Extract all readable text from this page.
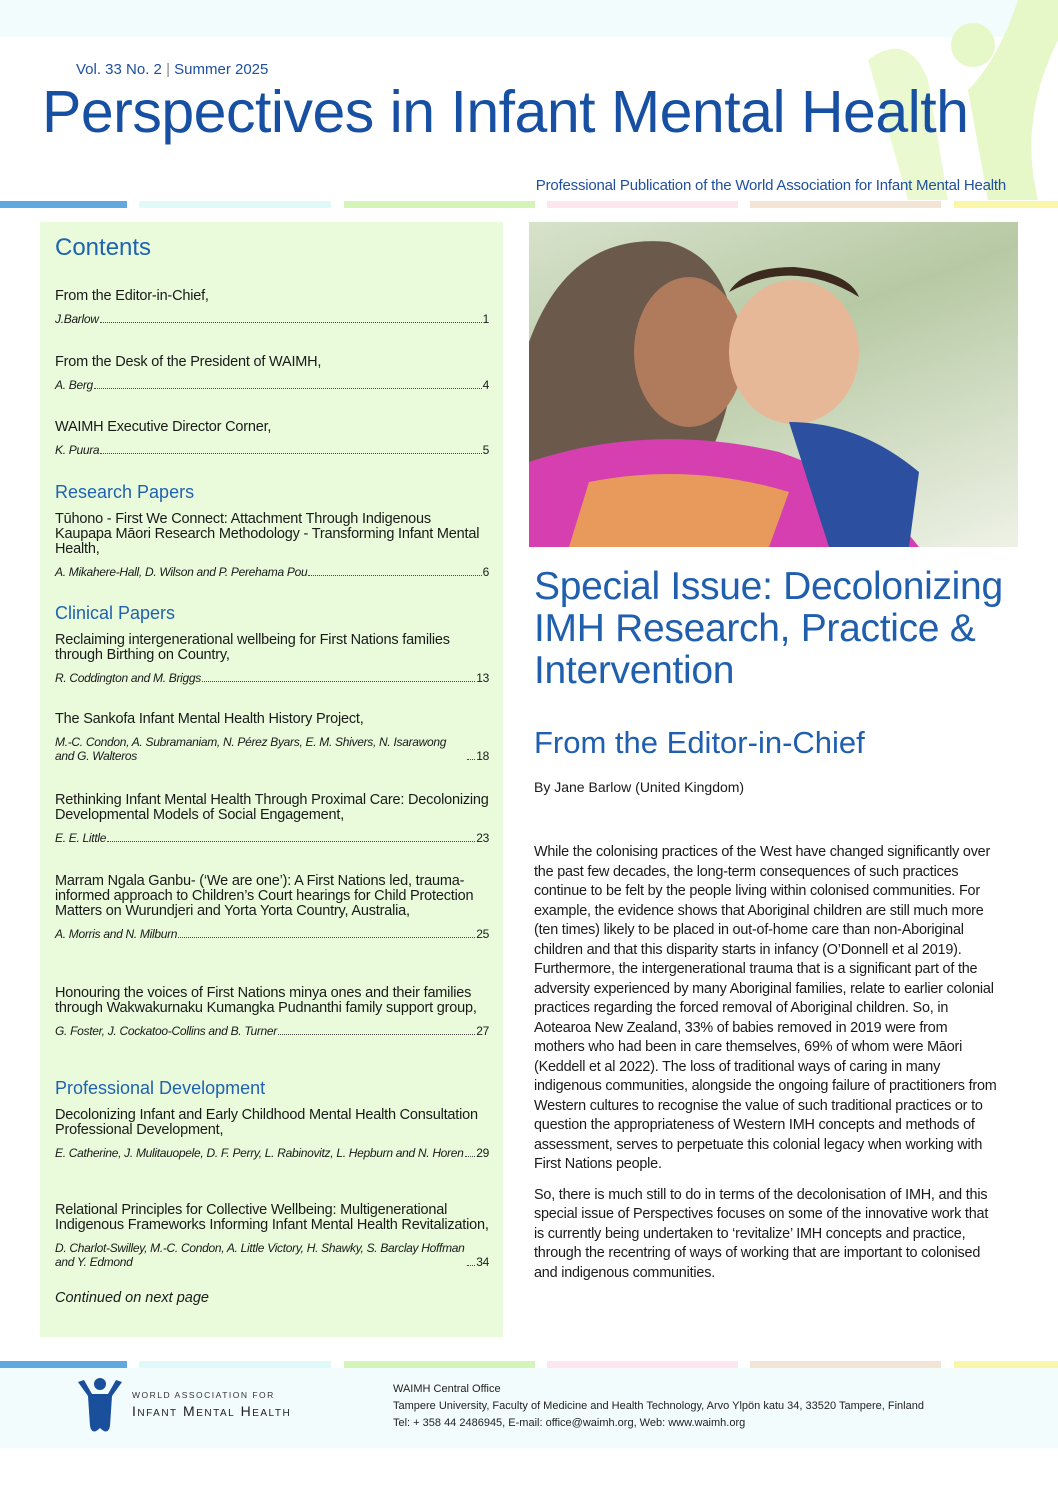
Vol. 33 No. 2 | Summer 2025
Perspectives in Infant Mental Health
Professional Publication of the World Association for Infant Mental Health
Contents
From the Editor-in-Chief,
J.Barlow	1
From the Desk of the President of WAIMH,
A. Berg	4
WAIMH Executive Director Corner,
K. Puura	5
Research Papers
Tūhono - First We Connect: Attachment Through Indigenous Kaupapa Māori Research Methodology - Transforming Infant Mental Health,
A. Mikahere-Hall, D. Wilson and P. Perehama Pou	6
Clinical Papers
Reclaiming intergenerational wellbeing for First Nations families through Birthing on Country,
R. Coddington and M. Briggs	13
The Sankofa Infant Mental Health History Project,
M.-C. Condon, A. Subramaniam, N. Pérez Byars, E. M. Shivers, N. Isarawong and G. Walteros	18
Rethinking Infant Mental Health Through Proximal Care: Decolonizing Developmental Models of Social Engagement,
E. E. Little	23
Marram Ngala Ganbu- (‘We are one’): A First Nations led, trauma-informed approach to Children’s Court hearings for Child Protection Matters on Wurundjeri and Yorta Yorta Country, Australia,
A. Morris and N. Milburn	25
Honouring the voices of First Nations minya ones and their families through Wakwakurnaku Kumangka Pudnanthi family support group,
G. Foster, J. Cockatoo-Collins and B. Turner	27
Professional Development
Decolonizing Infant and Early Childhood Mental Health Consultation Professional Development,
E. Catherine, J. Mulitauopele, D. F. Perry, L. Rabinovitz, L. Hepburn and N. Horen 29
Relational Principles for Collective Wellbeing: Multigenerational Indigenous Frameworks Informing Infant Mental Health Revitalization,
D. Charlot-Swilley, M.-C. Condon, A. Little Victory, H. Shawky, S. Barclay Hoffman and Y. Edmond	34
Continued on next page
Special Issue: Decolonizing IMH Research, Practice & Intervention
From the Editor-in-Chief
By Jane Barlow (United Kingdom)

While the colonising practices of the West have changed significantly over the past few decades, the long-term consequences of such practices continue to be felt by the people living within colonised communities. For example, the evidence shows that Aboriginal children are still much more (ten times) likely to be placed in out-of-home care than non-Aboriginal children and that this disparity starts in infancy (O’Donnell et al 2019). Furthermore, the intergenerational trauma that is a significant part of the adversity experienced by many Aboriginal families, relate to earlier colonial practices regarding the forced removal of Aboriginal children. So, in Aotearoa New Zealand, 33% of babies removed in 2019 were from mothers who had been in care themselves, 69% of whom were Māori (Keddell et al 2022). The loss of traditional ways of caring in many indigenous communities, alongside the ongoing failure of practitioners from Western cultures to recognise the value of such traditional practices or to question the appropriateness of Western IMH concepts and methods of assessment, serves to perpetuate this colonial legacy when working with First Nations people.

So, there is much still to do in terms of the decolonisation of IMH, and this special issue of Perspectives focuses on some of the innovative work that is currently being undertaken to ‘revitalize’ IMH concepts and practice, through the recentring of ways of working that are important to colonised and indigenous communities.

WORLD ASSOCIATION FOR
Infant Mental Health
WAIMH Central Office
Tampere University, Faculty of Medicine and Health Technology, Arvo Ylpön katu 34, 33520 Tampere, Finland
Tel: + 358 44 2486945, E-mail: office@waimh.org, Web: www.waimh.org
